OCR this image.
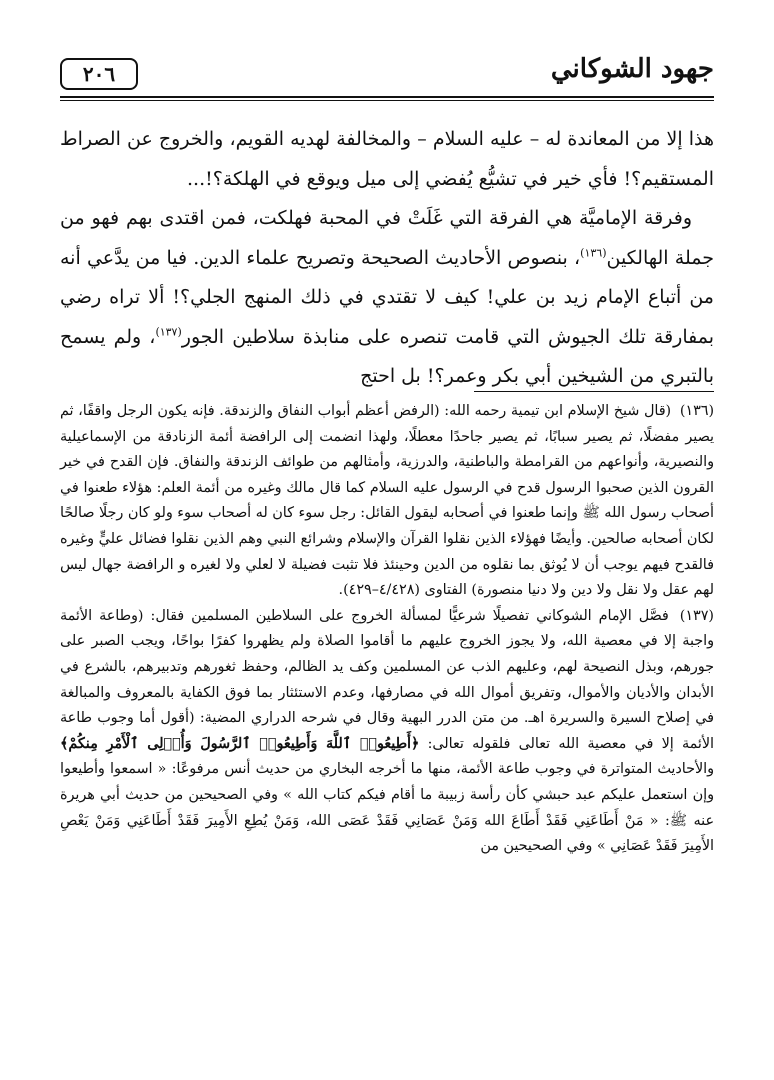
جهود الشوكاني
٢٠٦

هذا إلا من المعاندة له – عليه السلام – والمخالفة لهديه القويم، والخروج عن الصراط المستقيم؟! فأي خير في تشيُّع يُفضي إلى ميل ويوقع في الهلكة؟!...

وفرقة الإماميَّة هي الفرقة التي غَلَتْ في المحبة فهلكت، فمن اقتدى بهم فهو من جملة الهالكين$^{(١٣٦)}$، بنصوص الأحاديث الصحيحة وتصريح علماء الدين. فيا من يدَّعي أنه من أتباع الإمام زيد بن علي! كيف لا تقتدي في ذلك المنهج الجلي؟! ألا تراه رضي بمفارقة تلك الجيوش التي قامت تنصره على منابذة سلاطين الجور$^{(١٣٧)}$، ولم يسمح بالتبري من الشيخين أبي بكر وعمر؟! بل احتج

(١٣٦) (قال شيخ الإسلام ابن تيمية رحمه الله: (الرفض أعظم أبواب النفاق والزندقة. فإنه يكون الرجل واقفًا، ثم يصير مفضلًا، ثم يصير سبابًا، ثم يصير جاحدًا معطلًا، ولهذا انضمت إلى الرافضة أئمة الزنادقة من الإسماعيلية والنصيرية، وأنواعهم من القرامطة والباطنية، والدرزية، وأمثالهم من طوائف الزندقة والنفاق. فإن القدح في خير القرون الذين صحبوا الرسول قدح في الرسول عليه السلام كما قال مالك وغيره من أئمة العلم: هؤلاء طعنوا في أصحاب رسول الله ﷺ وإنما طعنوا في أصحابه ليقول القائل: رجل سوء كان له أصحاب سوء ولو كان رجلًا صالحًا لكان أصحابه صالحين. وأيضًا فهؤلاء الذين نقلوا القرآن والإسلام وشرائع النبي وهم الذين نقلوا فضائل عليٍّ وغيره فالقدح فيهم يوجب أن لا يُوثق بما نقلوه من الدين وحينئذ فلا تثبت فضيلة لا لعلي ولا لغيره و الرافضة جهال ليس لهم عقل ولا نقل ولا دين ولا دنيا منصورة) الفتاوى (٤/٤٢٨–٤٢٩).

(١٣٧) فصَّل الإمام الشوكاني تفصيلًا شرعيًّا لمسألة الخروج على السلاطين المسلمين فقال: (وطاعة الأئمة واجبة إلا في معصية الله، ولا يجوز الخروج عليهم ما أقاموا الصلاة ولم يظهروا كفرًا بواحًا، ويجب الصبر على جورهم، وبذل النصيحة لهم، وعليهم الذب عن المسلمين وكف يد الظالم، وحفظ ثغورهم وتدبيرهم، بالشرع في الأبدان والأديان والأموال، وتفريق أموال الله في مصارفها، وعدم الاستئثار بما فوق الكفاية بالمعروف والمبالغة في إصلاح السيرة والسريرة اهـ. من متن الدرر البهية وقال في شرحه الدراري المضية: (أقول أما وجوب طاعة الأئمة إلا في معصية الله تعالى فلقوله تعالى: ﴿أَطِيعُوا۟ ٱللَّهَ وَأَطِيعُوا۟ ٱلرَّسُولَ وَأُو۟لِى ٱلْأَمْرِ مِنكُمْ﴾ والأحاديث المتواترة في وجوب طاعة الأئمة، منها ما أخرجه البخاري من حديث أنس مرفوعًا: « اسمعوا وأطيعوا وإن استعمل عليكم عبد حبشي كأن رأسة زبيبة ما أقام فيكم كتاب الله » وفي الصحيحين من حديث أبي هريرة عنه ﷺ: « مَنْ أَطَاعَنِي فَقَدْ أَطَاعَ الله وَمَنْ عَصَانِي فَقَدْ عَصَى الله، وَمَنْ يُطِعِ الأَمِيرَ فَقَدْ أَطَاعَنِي وَمَنْ يَعْصِ الأَمِيرَ فَقَدْ عَصَانِي » وفي الصحيحين من
